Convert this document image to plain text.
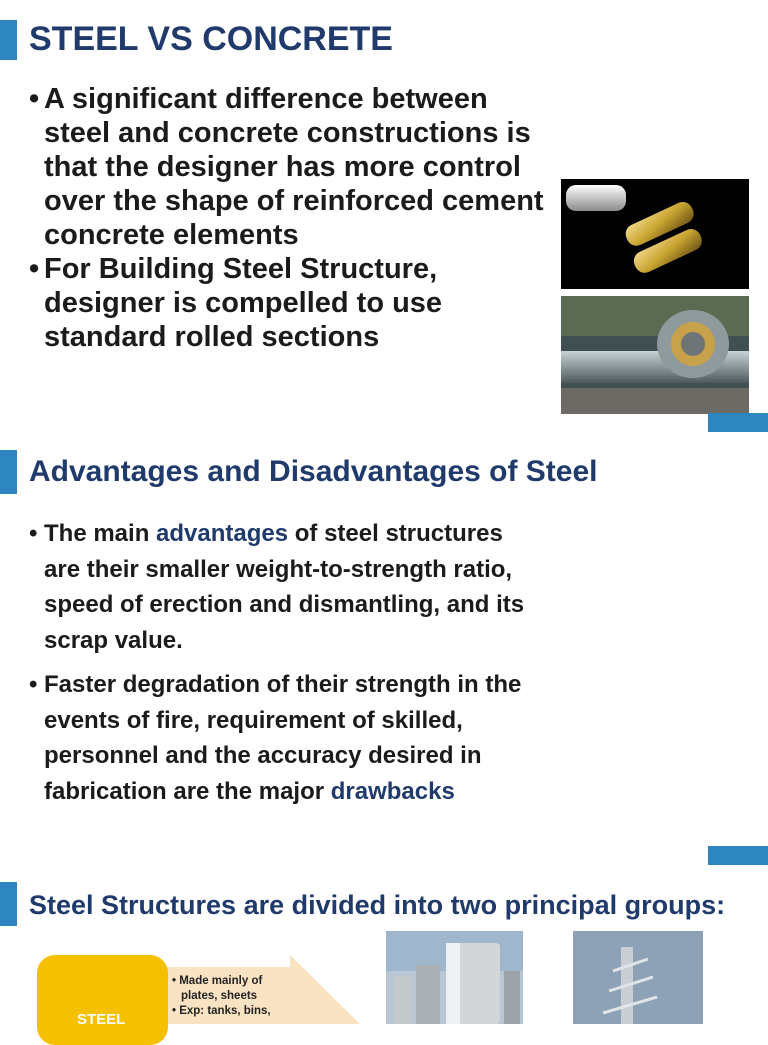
STEEL VS CONCRETE
• A significant difference between steel and concrete constructions is that the designer has more control over the shape of reinforced cement concrete elements
• For Building Steel Structure, designer is compelled to use standard rolled sections
Advantages and Disadvantages of Steel
• The main advantages of steel structures are their smaller weight-to-strength ratio, speed of erection and dismantling, and its scrap value.
• Faster degradation of their strength in the events of fire, requirement of skilled, personnel and the accuracy desired in fabrication are the major drawbacks
Steel Structures are divided into two principal groups:
STEEL
• Made mainly of plates, sheets
• Exp: tanks, bins,
